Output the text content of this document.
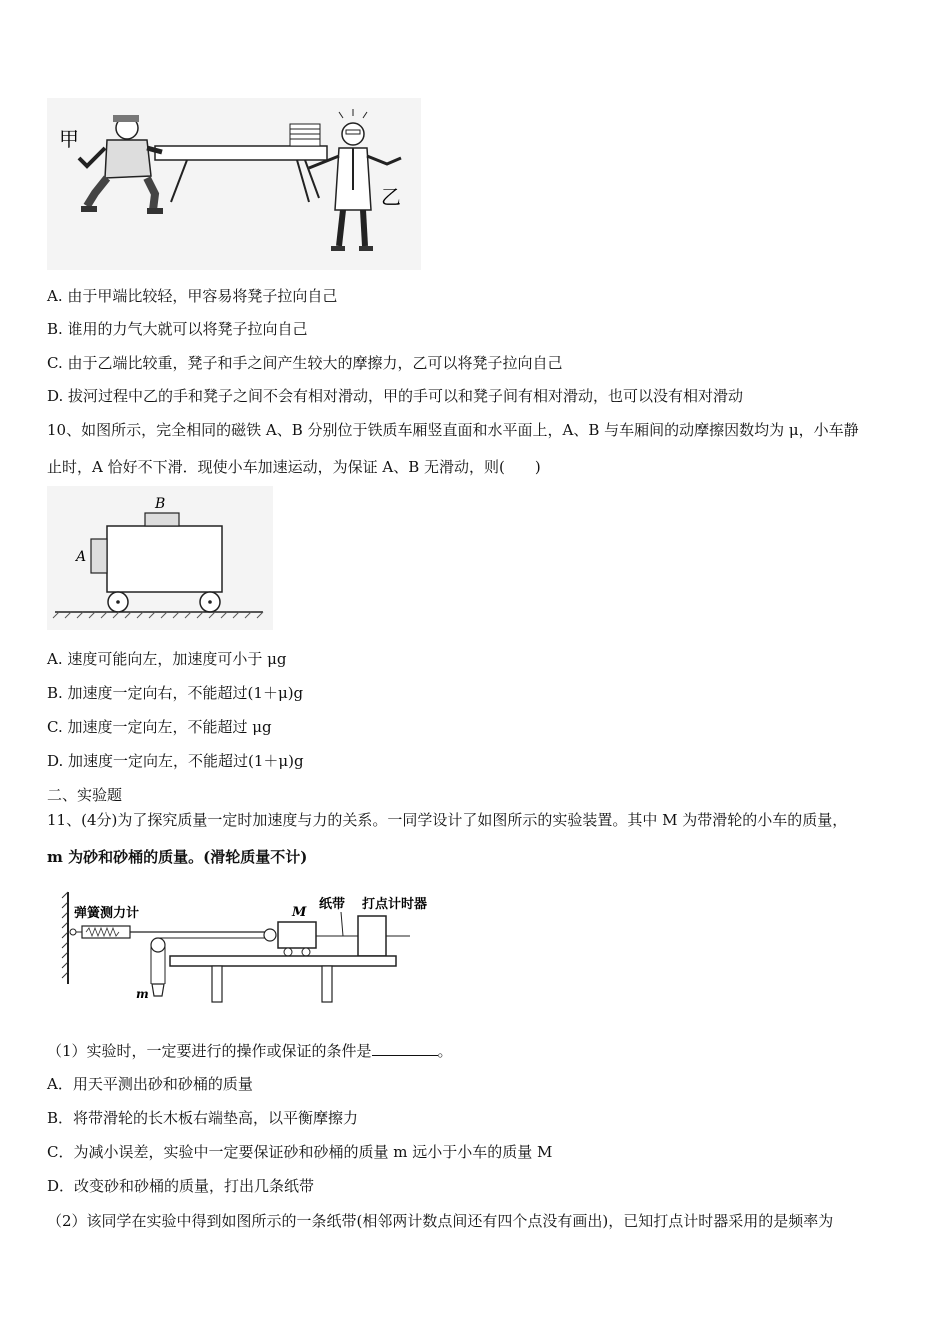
甲
乙
A. 由于甲端比较轻，甲容易将凳子拉向自己
B. 谁用的力气大就可以将凳子拉向自己
C. 由于乙端比较重，凳子和手之间产生较大的摩擦力，乙可以将凳子拉向自己
D. 拔河过程中乙的手和凳子之间不会有相对滑动，甲的手可以和凳子间有相对滑动，也可以没有相对滑动
10、如图所示，完全相同的磁铁 A、B 分别位于铁质车厢竖直面和水平面上，A、B 与车厢间的动摩擦因数均为 μ，小车静
止时，A 恰好不下滑．现使小车加速运动，为保证 A、B 无滑动，则(　　)
B
A
A. 速度可能向左，加速度可小于 μg
B. 加速度一定向右，不能超过(1＋μ)g
C. 加速度一定向左，不能超过 μg
D. 加速度一定向左，不能超过(1＋μ)g
二、实验题
11、(4分)为了探究质量一定时加速度与力的关系。一同学设计了如图所示的实验装置。其中 M 为带滑轮的小车的质量，
m 为砂和砂桶的质量。(滑轮质量不计)
弹簧测力计	M
纸带 打点计时器
m
（1）实验时，一定要进行的操作或保证的条件是	。
A．用天平测出砂和砂桶的质量
B．将带滑轮的长木板右端垫高，以平衡摩擦力
C．为减小误差，实验中一定要保证砂和砂桶的质量 m 远小于小车的质量 M
D．改变砂和砂桶的质量，打出几条纸带
（2）该同学在实验中得到如图所示的一条纸带(相邻两计数点间还有四个点没有画出)，已知打点计时器采用的是频率为
